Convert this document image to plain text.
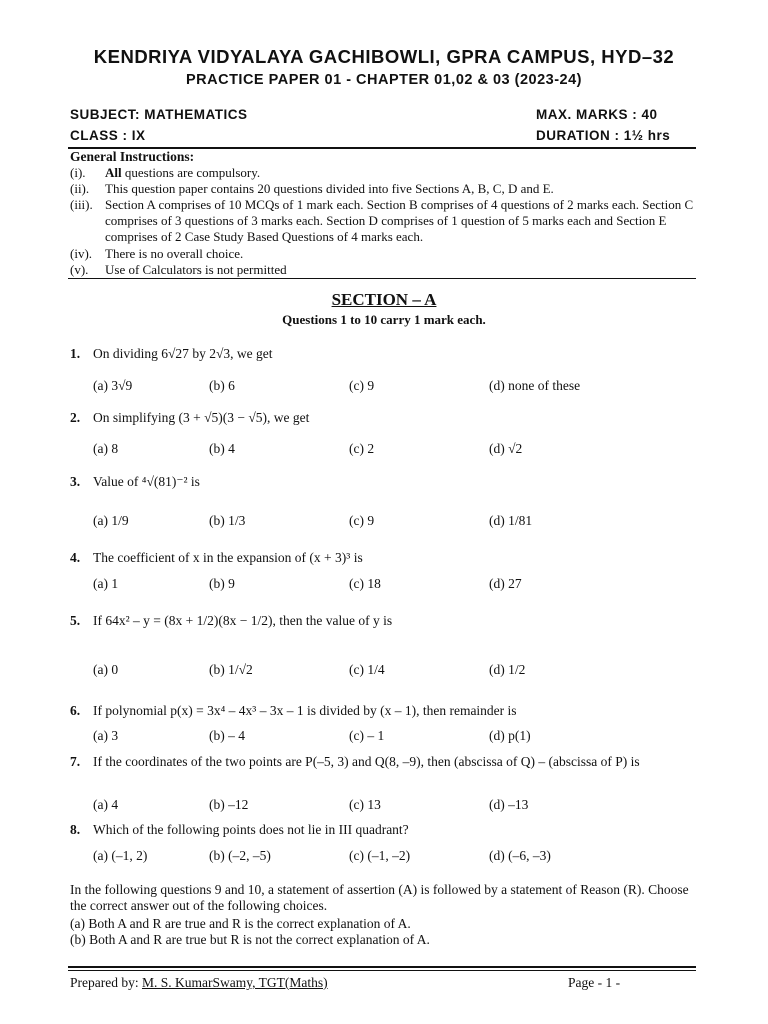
KENDRIYA VIDYALAYA GACHIBOWLI, GPRA CAMPUS, HYD–32
PRACTICE PAPER 01 - CHAPTER 01,02 & 03 (2023-24)
SUBJECT: MATHEMATICS
CLASS : IX
MAX. MARKS : 40
DURATION : 1½ hrs
General Instructions:
(i). All questions are compulsory.
(ii). This question paper contains 20 questions divided into five Sections A, B, C, D and E.
(iii). Section A comprises of 10 MCQs of 1 mark each. Section B comprises of 4 questions of 2 marks each. Section C comprises of 3 questions of 3 marks each. Section D comprises of 1 question of 5 marks each and Section E comprises of 2 Case Study Based Questions of 4 marks each.
(iv). There is no overall choice.
(v). Use of Calculators is not permitted
SECTION – A
Questions 1 to 10 carry 1 mark each.
1. On dividing 6√27 by 2√3, we get
(a) 3√9	(b) 6	(c) 9	(d) none of these
2. On simplifying (3 + √5)(3 − √5), we get
(a) 8	(b) 4	(c) 2	(d) √2
3. Value of ⁴√(81)⁻² is
(a) 1/9	(b) 1/3	(c) 9	(d) 1/81
4. The coefficient of x in the expansion of (x + 3)³ is
(a) 1	(b) 9	(c) 18	(d) 27
5. If 64x² – y = (8x + 1/2)(8x − 1/2), then the value of y is
(a) 0	(b) 1/√2	(c) 1/4	(d) 1/2
6. If polynomial p(x) = 3x⁴ – 4x³ – 3x – 1 is divided by (x – 1), then remainder is
(a) 3	(b) – 4	(c) – 1	(d) p(1)
7. If the coordinates of the two points are P(–5, 3) and Q(8, –9), then (abscissa of Q) – (abscissa of P) is
(a) 4	(b) –12	(c) 13	(d) –13
8. Which of the following points does not lie in III quadrant?
(a) (–1, 2)	(b) (–2, –5)	(c) (–1, –2)	(d) (–6, –3)
In the following questions 9 and 10, a statement of assertion (A) is followed by a statement of Reason (R). Choose the correct answer out of the following choices.
(a) Both A and R are true and R is the correct explanation of A.
(b) Both A and R are true but R is not the correct explanation of A.
Prepared by: M. S. KumarSwamy, TGT(Maths)	Page - 1 -
